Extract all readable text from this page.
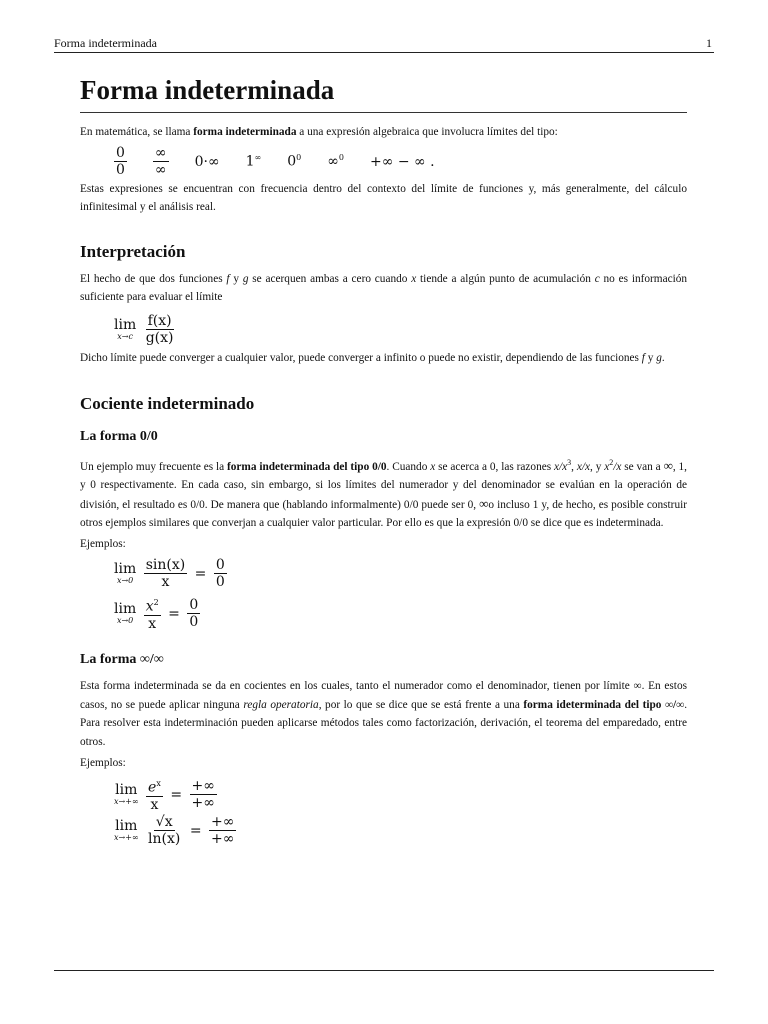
Forma indeterminada	1
Forma indeterminada

En matemática, se llama forma indeterminada a una expresión algebraica que involucra límites del tipo:

$\frac{0}{0} \frac{\infty}{\infty} 0\cdot\infty$ 1∞ $0^0$ ∞$^0$ +∞ − ∞ .

Estas expresiones se encuentran con frecuencia dentro del contexto del límite de funciones y, más generalmente, del cálculo infinitesimal y el análisis real.

Interpretación

El hecho de que dos funciones f y g se acerquen ambas a cero cuando x tiende a algún punto de acumulación c no es información suficiente para evaluar el límite

lim
x→c
$\frac{f(x)}{g(x)}$

Dicho límite puede converger a cualquier valor, puede converger a infinito o puede no existir, dependiendo de las funciones f y g.

Cociente indeterminado
La forma 0/0

Un ejemplo muy frecuente es la forma indeterminada del tipo 0/0. Cuando x se acerca a 0, las razones $x/x^3$, x/x, y $x^2/x$ se van a ∞, 1, y 0 respectivamente. En cada caso, sin embargo, si los límites del numerador y del denominador se evalúan en la operación de división, el resultado es 0/0. De manera que (hablando informalmente) 0/0 puede ser 0, ∞o incluso 1 y, de hecho, es posible construir otros ejemplos similares que converjan a cualquier valor particular. Por ello es que la expresión 0/0 se dice que es indeterminada.

Ejemplos:

lim
x→0
$\frac{\sin(x)}{x} = \frac{0}{0}$
lim
x→0
$\frac{x^2}{x} = \frac{0}{0}$
La forma ∞/∞

Esta forma indeterminada se da en cocientes en los cuales, tanto el numerador como el denominador, tienen por límite ∞. En estos casos, no se puede aplicar ninguna regla operatoria, por lo que se dice que se está frente a una forma ideterminada del tipo ∞/∞. Para resolver esta indeterminación pueden aplicarse métodos tales como factorización, derivación, el teorema del emparedado, entre otros.

Ejemplos:

lim
x→+∞
$\frac{e^x}{x} = \frac{+\infty}{+\infty}$
lim
x→+∞
$\frac{√x}{\ln(x)} = \frac{+\infty}{+\infty}$
